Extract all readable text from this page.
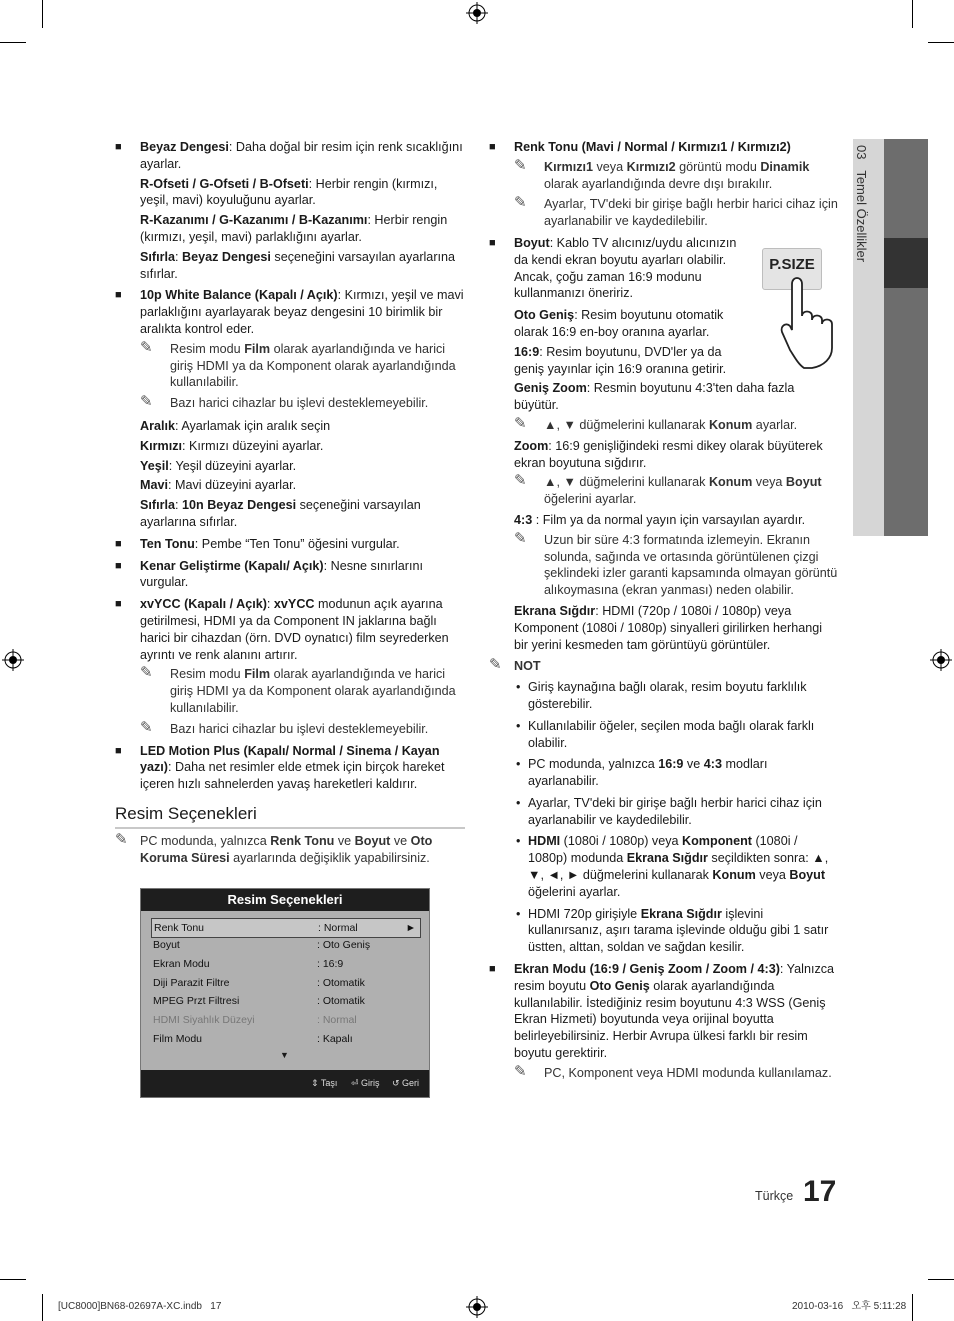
03   Temel Özellikler
■ Beyaz Dengesi: Daha doğal bir resim için renk sıcaklığını ayarlar.
R-Ofseti / G-Ofseti / B-Ofseti: Herbir rengin (kırmızı, yeşil, mavi) koyuluğunu ayarlar.
R-Kazanımı / G-Kazanımı / B-Kazanımı: Herbir rengin (kırmızı, yeşil, mavi) parlaklığını ayarlar.
Sıfırla: Beyaz Dengesi seçeneğini varsayılan ayarlarına sıfırlar.
■ 10p White Balance (Kapalı / Açık): Kırmızı, yeşil ve mavi parlaklığını ayarlayarak beyaz dengesini 10 birimlik bir aralıkta kontrol eder.
✎ Resim modu Film olarak ayarlandığında ve harici giriş HDMI ya da Komponent olarak ayarlandığında kullanılabilir.
✎ Bazı harici cihazlar bu işlevi desteklemeyebilir.
Aralık: Ayarlamak için aralık seçin
Kırmızı: Kırmızı düzeyini ayarlar.
Yeşil: Yeşil düzeyini ayarlar.
Mavi: Mavi düzeyini ayarlar.
Sıfırla: 10n Beyaz Dengesi seçeneğini varsayılan ayarlarına sıfırlar.
■ Ten Tonu: Pembe “Ten Tonu” öğesini vurgular.
■ Kenar Geliştirme (Kapalı/ Açık): Nesne sınırlarını vurgular.
■ xvYCC (Kapalı / Açık): xvYCC modunun açık ayarına getirilmesi, HDMI ya da Component IN jaklarına bağlı harici bir cihazdan (örn. DVD oynatıcı) film seyrederken ayrıntı ve renk alanını artırır.
✎ Resim modu Film olarak ayarlandığında ve harici giriş HDMI ya da Komponent olarak ayarlandığında kullanılabilir.
✎ Bazı harici cihazlar bu işlevi desteklemeyebilir.
■ LED Motion Plus (Kapalı/ Normal / Sinema / Kayan yazı): Daha net resimler elde etmek için birçok hareket içeren hızlı sahnelerden yavaş hareketleri kaldırır.
Resim Seçenekleri
✎ PC modunda, yalnızca Renk Tonu ve Boyut ve Oto Koruma Süresi ayarlarında değişiklik yapabilirsiniz.
Resim Seçenekleri
Renk Tonu	: Normal	►
Boyut	: Oto Geniş
Ekran Modu	: 16:9
Diji Parazit Filtre	: Otomatik
MPEG Przt Filtresi	: Otomatik
HDMI Siyahlık Düzeyi	: Normal
Film Modu	: Kapalı
▼
⇕ Taşı ⏎ Giriş ↺ Geri
■ Renk Tonu (Mavi / Normal / Kırmızı1 / Kırmızı2)
✎ Kırmızı1 veya Kırmızı2 görüntü modu Dinamik olarak ayarlandığında devre dışı bırakılır.
✎ Ayarlar, TV'deki bir girişe bağlı herbir harici cihaz için ayarlanabilir ve kaydedilebilir.
■ Boyut: Kablo TV alıcınız/uydu alıcınızın da kendi ekran boyutu ayarları olabilir. Ancak, çoğu zaman 16:9 modunu kullanmanızı öneririz.
Oto Geniş: Resim boyutunu otomatik olarak 16:9 en-boy oranına ayarlar.
16:9: Resim boyutunu, DVD'ler ya da geniş yayınlar için 16:9 oranına getirir.
Geniş Zoom: Resmin boyutunu 4:3'ten daha fazla büyütür.
✎ ▲, ▼ düğmelerini kullanarak Konum ayarlar.
Zoom: 16:9 genişliğindeki resmi dikey olarak büyüterek ekran boyutuna sığdırır.
✎ ▲, ▼ düğmelerini kullanarak Konum veya Boyut öğelerini ayarlar.
4:3 : Film ya da normal yayın için varsayılan ayardır.
✎ Uzun bir süre 4:3 formatında izlemeyin. Ekranın solunda, sağında ve ortasında görüntülenen çizgi şeklindeki izler garanti kapsamında olmayan görüntü alıkoymasına (ekran yanması) neden olabilir.
Ekrana Sığdır: HDMI (720p / 1080i / 1080p) veya Komponent (1080i / 1080p) sinyalleri girilirken herhangi bir yerini kesmeden tam görüntüyü görüntüler.
✎ NOT
• Giriş kaynağına bağlı olarak, resim boyutu farklılık gösterebilir.
• Kullanılabilir öğeler, seçilen moda bağlı olarak farklı olabilir.
• PC modunda, yalnızca 16:9 ve 4:3 modları ayarlanabilir.
• Ayarlar, TV'deki bir girişe bağlı herbir harici cihaz için ayarlanabilir ve kaydedilebilir.
• HDMI (1080i / 1080p) veya Komponent (1080i / 1080p) modunda Ekrana Sığdır seçildikten sonra: ▲, ▼, ◄, ► düğmelerini kullanarak Konum veya Boyut öğelerini ayarlar.
• HDMI 720p girişiyle Ekrana Sığdır işlevini kullanırsanız, aşırı tarama işlevinde olduğu gibi 1 satır üstten, alttan, soldan ve sağdan kesilir.
■ Ekran Modu (16:9 / Geniş Zoom / Zoom / 4:3): Yalnızca resim boyutu Oto Geniş olarak ayarlandığında kullanılabilir. İstediğiniz resim boyutunu 4:3 WSS (Geniş Ekran Hizmeti) boyutunda veya orijinal boyutta belirleyebilirsiniz. Herbir Avrupa ülkesi farklı bir resim boyutu gerektirir.
✎ PC, Komponent veya HDMI modunda kullanılamaz.
P.SIZE
Türkçe 17
[UC8000]BN68-02697A-XC.indb   17	2010-03-16   오후 5:11:28
